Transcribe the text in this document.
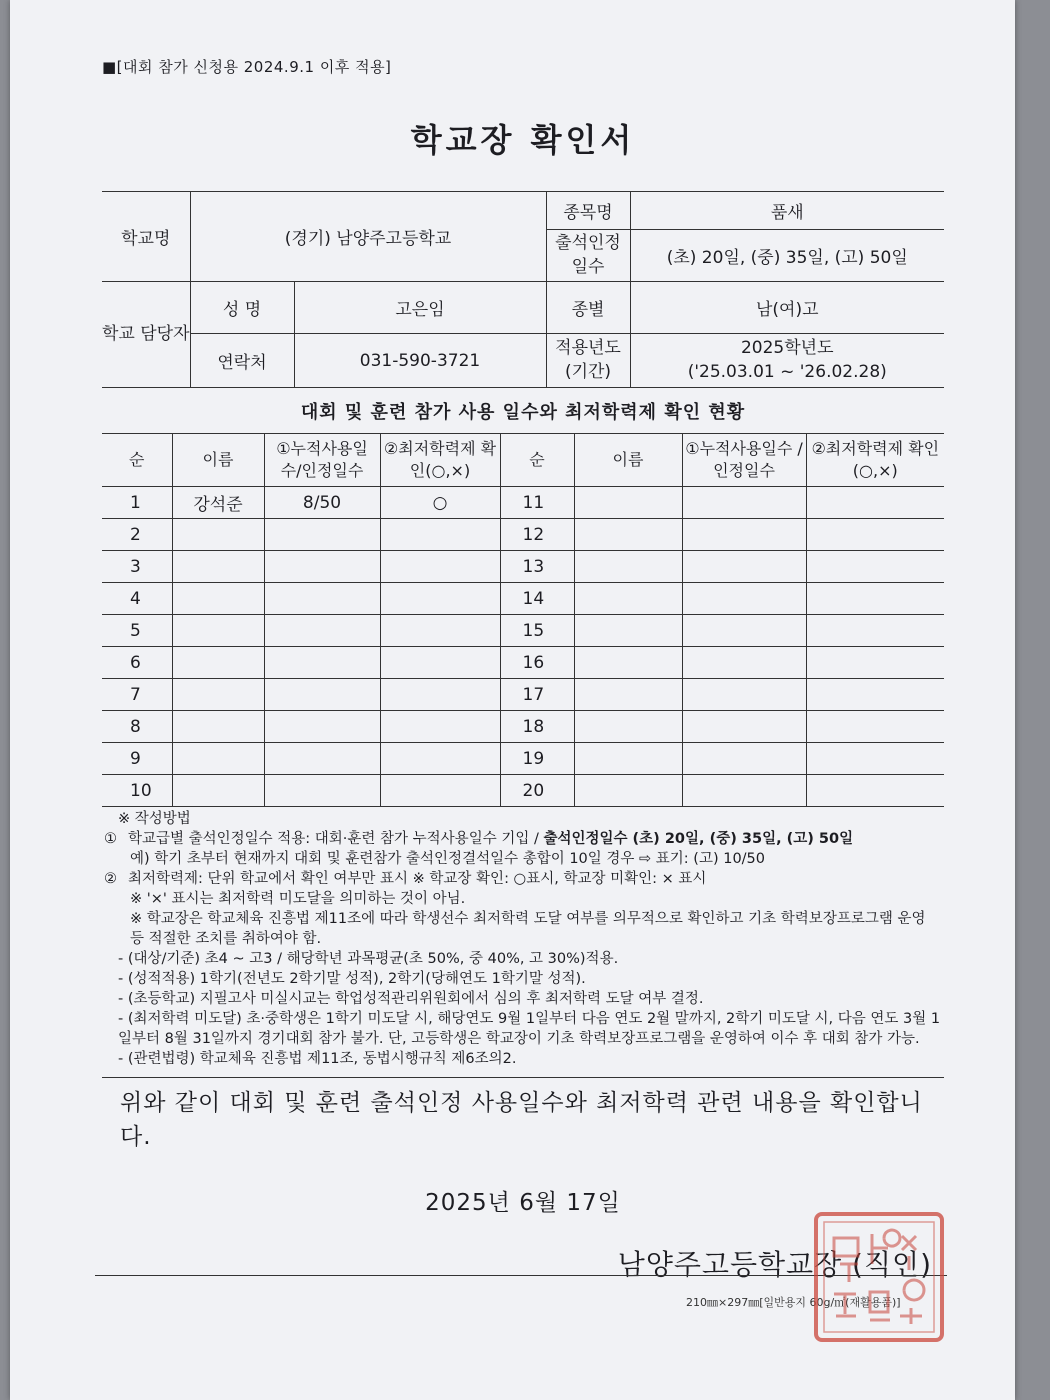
■[대회 참가 신청용 2024.9.1 이후 적용]
학교장 확인서
학교명	(경기) 남양주고등학교		종목명	품새
			출석인정 일수	(초) 20일, (중) 35일, (고) 50일
학교 담당자	성 명	고은임	종별	남(여)고
	연락처	031-590-3721	적용년도 (기간)	2025학년도
('25.03.01 ~ '26.02.28)
대회 및 훈련 참가 사용 일수와 최저학력제 확인 현황
순	이름	①누적사용일 수/인정일수	②최저학력제 확인(○,×)	순	이름	①누적사용일수 /인정일수	②최저학력제 확인(○,×)
1	강석준	8/50	○	11			
2				12			
3				13			
4				14			
5				15			
6				16			
7				17			
8				18			
9				19			
10				20			
※ 작성방법
① 학교급별 출석인정일수 적용: 대회·훈련 참가 누적사용일수 기입 / 출석인정일수 (초) 20일, (중) 35일, (고) 50일
예) 학기 초부터 현재까지 대회 및 훈련참가 출석인정결석일수 총합이 10일 경우 ⇨ 표기: (고) 10/50
② 최저학력제: 단위 학교에서 확인 여부만 표시 ※ 학교장 확인: ○표시, 학교장 미확인: × 표시
※ '×' 표시는 최저학력 미도달을 의미하는 것이 아님.
※ 학교장은 학교체육 진흥법 제11조에 따라 학생선수 최저학력 도달 여부를 의무적으로 확인하고 기초 학력보장프로그램 운영 등 적절한 조치를 취하여야 함.
- (대상/기준) 초4 ~ 고3 / 해당학년 과목평균(초 50%, 중 40%, 고 30%)적용.
- (성적적용) 1학기(전년도 2학기말 성적), 2학기(당해연도 1학기말 성적).
- (초등학교) 지필고사 미실시교는 학업성적관리위원회에서 심의 후 최저학력 도달 여부 결정.
- (최저학력 미도달) 초·중학생은 1학기 미도달 시, 해당연도 9월 1일부터 다음 연도 2월 말까지, 2학기 미도달 시, 다음 연도 3월 1일부터 8월 31일까지 경기대회 참가 불가. 단, 고등학생은 학교장이 기초 학력보장프로그램을 운영하여 이수 후 대회 참가 가능.
- (관련법령) 학교체육 진흥법 제11조, 동법시행규칙 제6조의2.
위와 같이 대회 및 훈련 출석인정 사용일수와 최저학력 관련 내용을 확인합니다.
2025년 6월 17일
남양주고등학교장 (직인)
210㎜×297㎜[일반용지 60g/㎡(재활용품)]
